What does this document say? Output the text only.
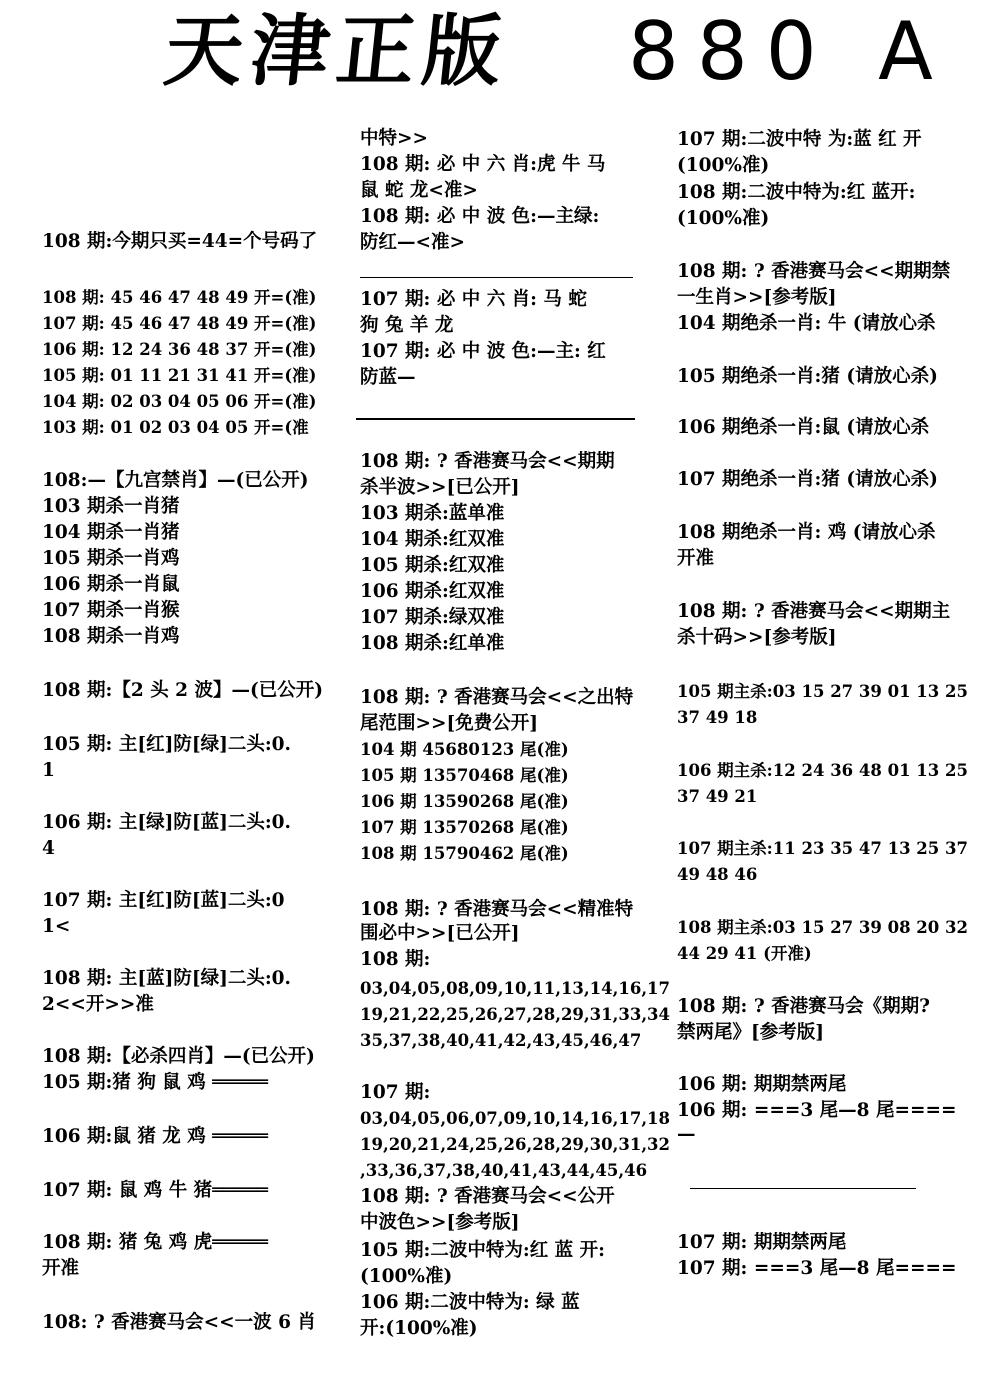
天津正版 880 A
108 期:今期只买=44=个号码了
108 期: 45 46 47 48 49 开=(准)
107 期: 45 46 47 48 49 开=(准)
106 期: 12 24 36 48 37 开=(准)
105 期: 01 11 21 31 41 开=(准)
104 期: 02 03 04 05 06 开=(准)
103 期: 01 02 03 04 05 开=(准
108:—【九宫禁肖】—(已公开)
103 期杀一肖猪
104 期杀一肖猪
105 期杀一肖鸡
106 期杀一肖鼠
107 期杀一肖猴
108 期杀一肖鸡
108 期:【2 头 2 波】—(已公开)
105 期: 主[红]防[绿]二头:0.
1
106 期: 主[绿]防[蓝]二头:0.
4
107 期: 主[红]防[蓝]二头:0
1<
108 期: 主[蓝]防[绿]二头:0.
2<<开>>准
108 期:【必杀四肖】—(已公开)
105 期:猪 狗 鼠 鸡 ═════
106 期:鼠 猪 龙 鸡 ═════
107 期: 鼠 鸡 牛 猪═════
108 期: 猪 兔 鸡 虎═════
开准
108: ? 香港赛马会<<一波 6 肖
中特>>
108 期: 必 中 六 肖:虎 牛 马
鼠 蛇 龙<准>
108 期: 必 中 波 色:—主绿:
防红—<准>
107 期: 必 中 六 肖: 马 蛇
狗 兔 羊 龙
107 期: 必 中 波 色:—主: 红
防蓝—
108 期: ? 香港赛马会<<期期
杀半波>>[已公开]
103 期杀:蓝单准
104 期杀:红双准
105 期杀:红双准
106 期杀:红双准
107 期杀:绿双准
108 期杀:红单准
108 期: ? 香港赛马会<<之出特
尾范围>>[免费公开]
104 期 45680123 尾(准)
105 期 13570468 尾(准)
106 期 13590268 尾(准)
107 期 13570268 尾(准)
108 期 15790462 尾(准)
108 期: ? 香港赛马会<<精准特
围必中>>[已公开]
108 期:
03,04,05,08,09,10,11,13,14,16,17
19,21,22,25,26,27,28,29,31,33,34
35,37,38,40,41,42,43,45,46,47
107 期:
03,04,05,06,07,09,10,14,16,17,18
19,20,21,24,25,26,28,29,30,31,32
,33,36,37,38,40,41,43,44,45,46
108 期: ? 香港赛马会<<公开
中波色>>[参考版]
105 期:二波中特为:红 蓝 开:
(100%准)
106 期:二波中特为: 绿 蓝
开:(100%准)
107 期:二波中特 为:蓝 红 开
(100%准)
108 期:二波中特为:红 蓝开:
(100%准)
108 期: ? 香港赛马会<<期期禁
一生肖>>[参考版]
104 期绝杀一肖: 牛 (请放心杀
105 期绝杀一肖:猪 (请放心杀)
106 期绝杀一肖:鼠 (请放心杀
107 期绝杀一肖:猪 (请放心杀)
108 期绝杀一肖: 鸡 (请放心杀
开准
108 期: ? 香港赛马会<<期期主
杀十码>>[参考版]
105 期主杀:03 15 27 39 01 13 25
37 49 18
106 期主杀:12 24 36 48 01 13 25
37 49 21
107 期主杀:11 23 35 47 13 25 37
49 48 46
108 期主杀:03 15 27 39 08 20 32
44 29 41 (开准)
108 期: ? 香港赛马会《期期?
禁两尾》[参考版]
106 期: 期期禁两尾
106 期: ===3 尾—8 尾====
—
107 期: 期期禁两尾
107 期: ===3 尾—8 尾====
